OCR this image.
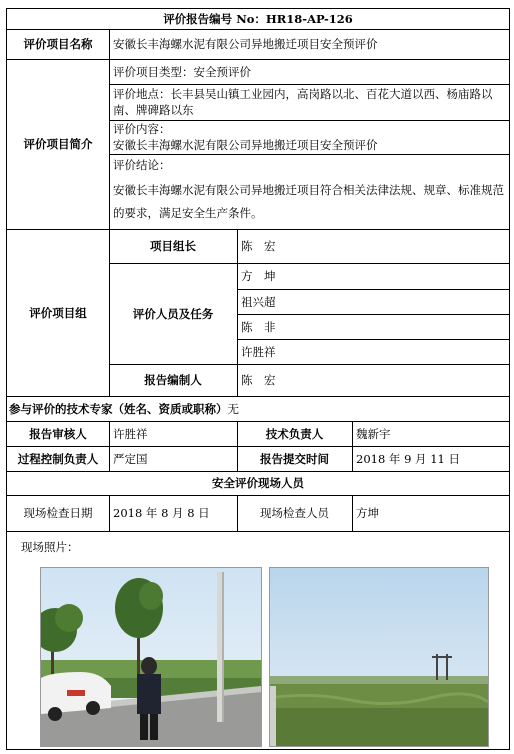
评价报告编号 No：HR18-AP-126
评价项目名称	安徽长丰海螺水泥有限公司异地搬迁项目安全预评价
评价项目简介
评价项目类型：安全预评价
评价地点：长丰县吴山镇工业园内，高岗路以北、百花大道以西、杨庙路以南、牌碑路以东
评价内容：
安徽长丰海螺水泥有限公司异地搬迁项目安全预评价
评价结论：
安徽长丰海螺水泥有限公司异地搬迁项目符合相关法律法规、规章、标准规范的要求，满足安全生产条件。
评价项目组
项目组长	陈　宏
评价人员及任务
方　坤
祖兴超
陈　非
许胜祥
报告编制人	陈　宏
参与评价的技术专家（姓名、资质或职称） 无
报告审核人	许胜祥	技术负责人	魏新宇
过程控制负责人	严定国	报告提交时间	2018 年 9 月 11 日
安全评价现场人员
现场检查日期	2018 年 8 月 8 日	现场检查人员	方坤
现场照片：
